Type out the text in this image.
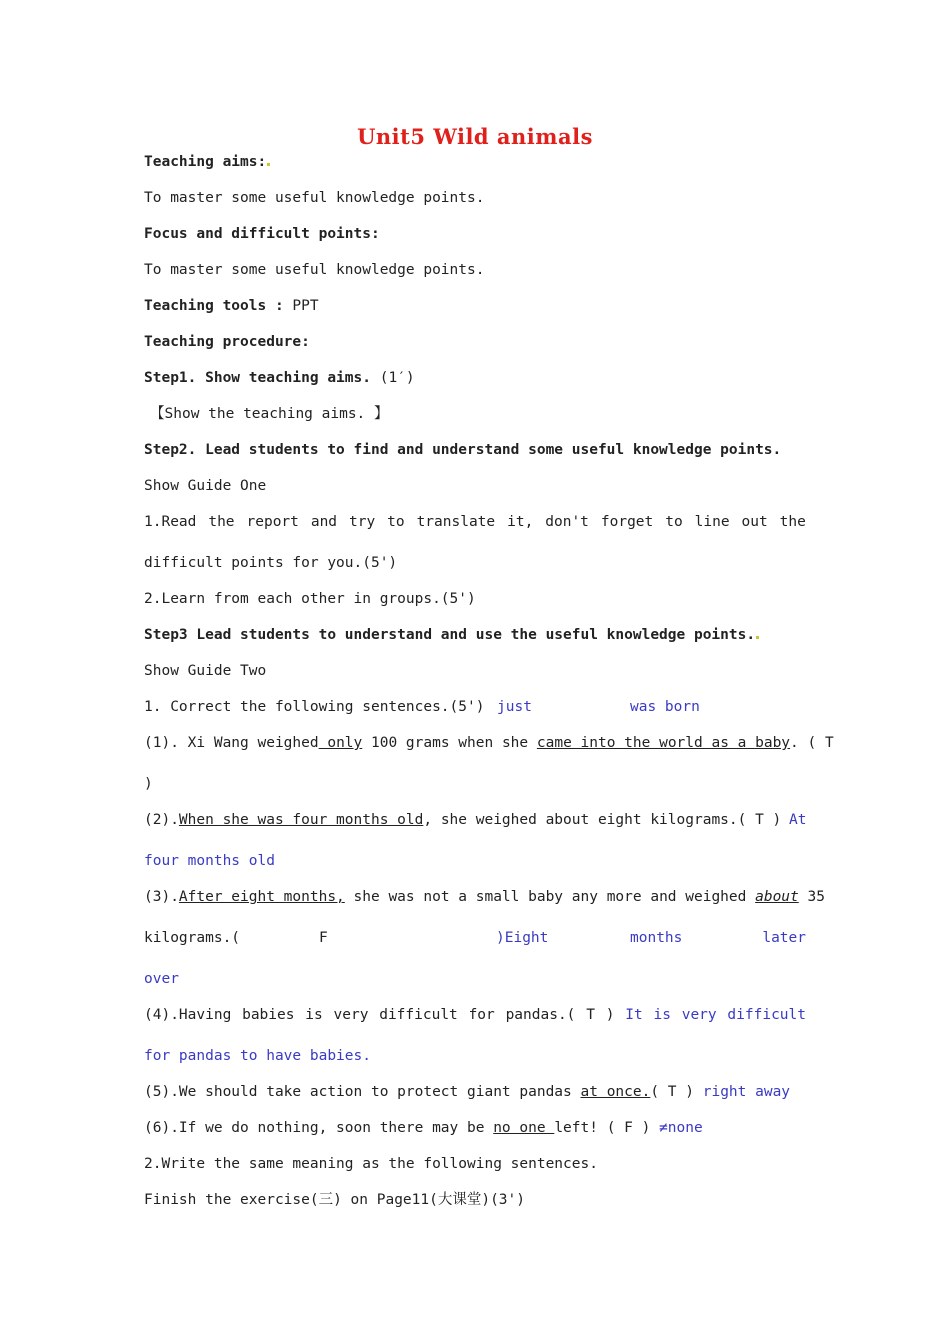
Unit5 Wild animals
Teaching aims:
To master some useful knowledge points.
Focus and difficult points:
To master some useful knowledge points.
Teaching tools : PPT
Teaching procedure:
Step1. Show teaching aims. (1′)
【Show the teaching aims. 】
Step2. Lead students to find and understand some useful knowledge points.
Show Guide One
1.Read the report and try to translate it, don't forget to line out the
difficult points for you.(5')
2.Learn from each other in groups.(5')
Step3 Lead students to understand and use the useful knowledge points.
Show Guide Two
1. Correct the following sentences.(5') just	was born
(1). Xi Wang weighed only 100 grams when she came into the world as a baby. ( T
)
(2).When she was four months old, she weighed about eight kilograms.( T ) At
four months old
(3).After eight months, she was not a small baby any more and weighed about 35
kilograms.(	F	)Eight	months	later
over
(4).Having babies is very difficult for pandas.( T ) It is very difficult
for pandas to have babies.
(5).We should take action to protect giant pandas at once.( T ) right away
(6).If we do nothing, soon there may be no one left! ( F ) ≠none
2.Write the same meaning as the following sentences.
Finish the exercise(三) on Page11(大课堂)(3')
